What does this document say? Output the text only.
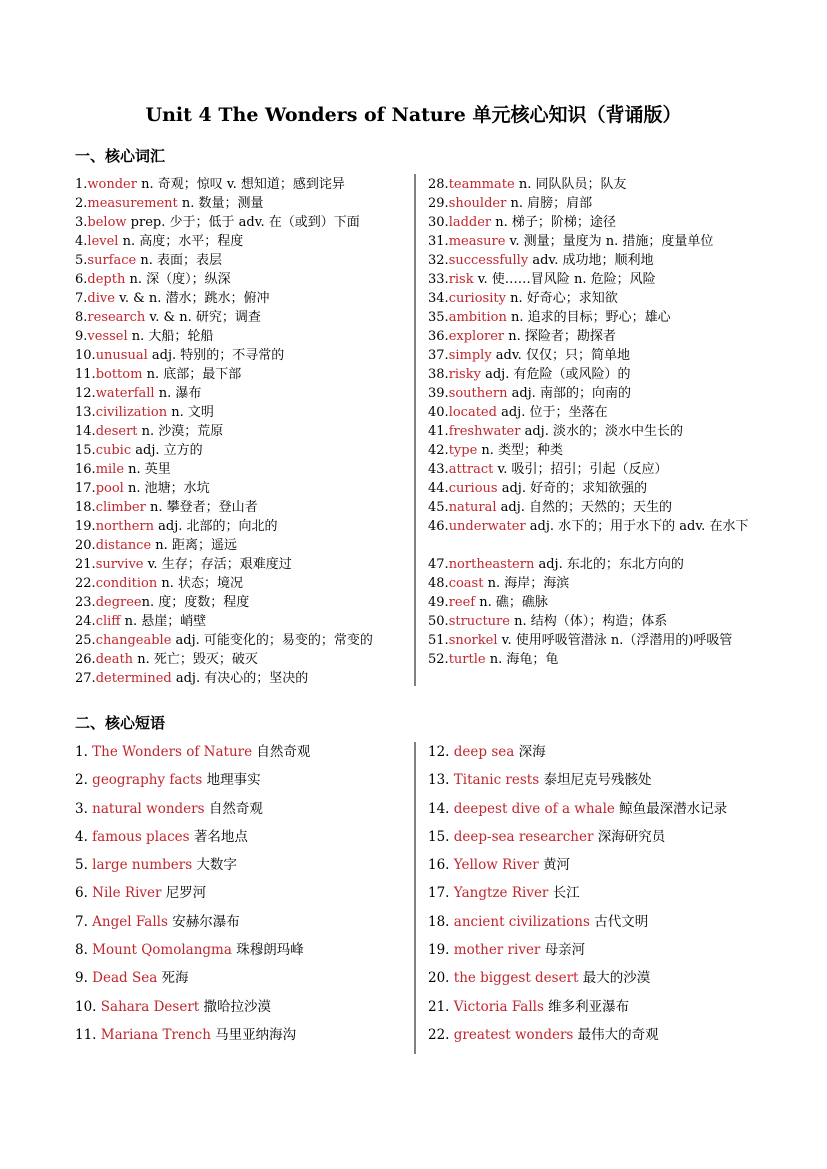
Unit 4 The Wonders of Nature 单元核心知识（背诵版）
一、核心词汇
1.wonder n. 奇观；惊叹 v. 想知道；感到诧异
2.measurement n. 数量；测量
3.below prep. 少于；低于 adv. 在（或到）下面
4.level n. 高度；水平；程度
5.surface n. 表面；表层
6.depth n. 深（度）；纵深
7.dive v. & n. 潜水；跳水；俯冲
8.research v. & n. 研究；调查
9.vessel n. 大船；轮船
10.unusual adj. 特别的；不寻常的
11.bottom n. 底部；最下部
12.waterfall n. 瀑布
13.civilization n. 文明
14.desert n. 沙漠；荒原
15.cubic adj. 立方的
16.mile n. 英里
17.pool n. 池塘；水坑
18.climber n. 攀登者；登山者
19.northern adj. 北部的；向北的
20.distance n. 距离；遥远
21.survive v. 生存；存活；艰难度过
22.condition n. 状态；境况
23.degreen. 度；度数；程度
24.cliff n. 悬崖；峭壁
25.changeable adj. 可能变化的；易变的；常变的
26.death n. 死亡；毁灭；破灭
27.determined adj. 有决心的；坚决的
28.teammate n. 同队队员；队友
29.shoulder n. 肩膀；肩部
30.ladder n. 梯子；阶梯；途径
31.measure v. 测量；量度为 n. 措施；度量单位
32.successfully adv. 成功地；顺利地
33.risk v. 使……冒风险 n. 危险；风险
34.curiosity n. 好奇心；求知欲
35.ambition n. 追求的目标；野心；雄心
36.explorer n. 探险者；勘探者
37.simply adv. 仅仅；只；简单地
38.risky adj. 有危险（或风险）的
39.southern adj. 南部的；向南的
40.located adj. 位于；坐落在
41.freshwater adj. 淡水的；淡水中生长的
42.type n. 类型；种类
43.attract v. 吸引；招引；引起（反应）
44.curious adj. 好奇的；求知欲强的
45.natural adj. 自然的；天然的；天生的
46.underwater adj. 水下的；用于水下的 adv. 在水下
47.northeastern adj. 东北的；东北方向的
48.coast n. 海岸；海滨
49.reef n. 礁；礁脉
50.structure n. 结构（体）；构造；体系
51.snorkel v. 使用呼吸管潜泳 n.（浮潜用的)呼吸管
52.turtle n. 海龟；龟
二、核心短语
1. The Wonders of Nature 自然奇观
2. geography facts 地理事实
3. natural wonders 自然奇观
4. famous places 著名地点
5. large numbers 大数字
6. Nile River 尼罗河
7. Angel Falls 安赫尔瀑布
8. Mount Qomolangma 珠穆朗玛峰
9. Dead Sea 死海
10. Sahara Desert 撒哈拉沙漠
11. Mariana Trench 马里亚纳海沟
12. deep sea 深海
13. Titanic rests 泰坦尼克号残骸处
14. deepest dive of a whale 鲸鱼最深潜水记录
15. deep-sea researcher 深海研究员
16. Yellow River 黄河
17. Yangtze River 长江
18. ancient civilizations 古代文明
19. mother river 母亲河
20. the biggest desert 最大的沙漠
21. Victoria Falls 维多利亚瀑布
22. greatest wonders 最伟大的奇观
